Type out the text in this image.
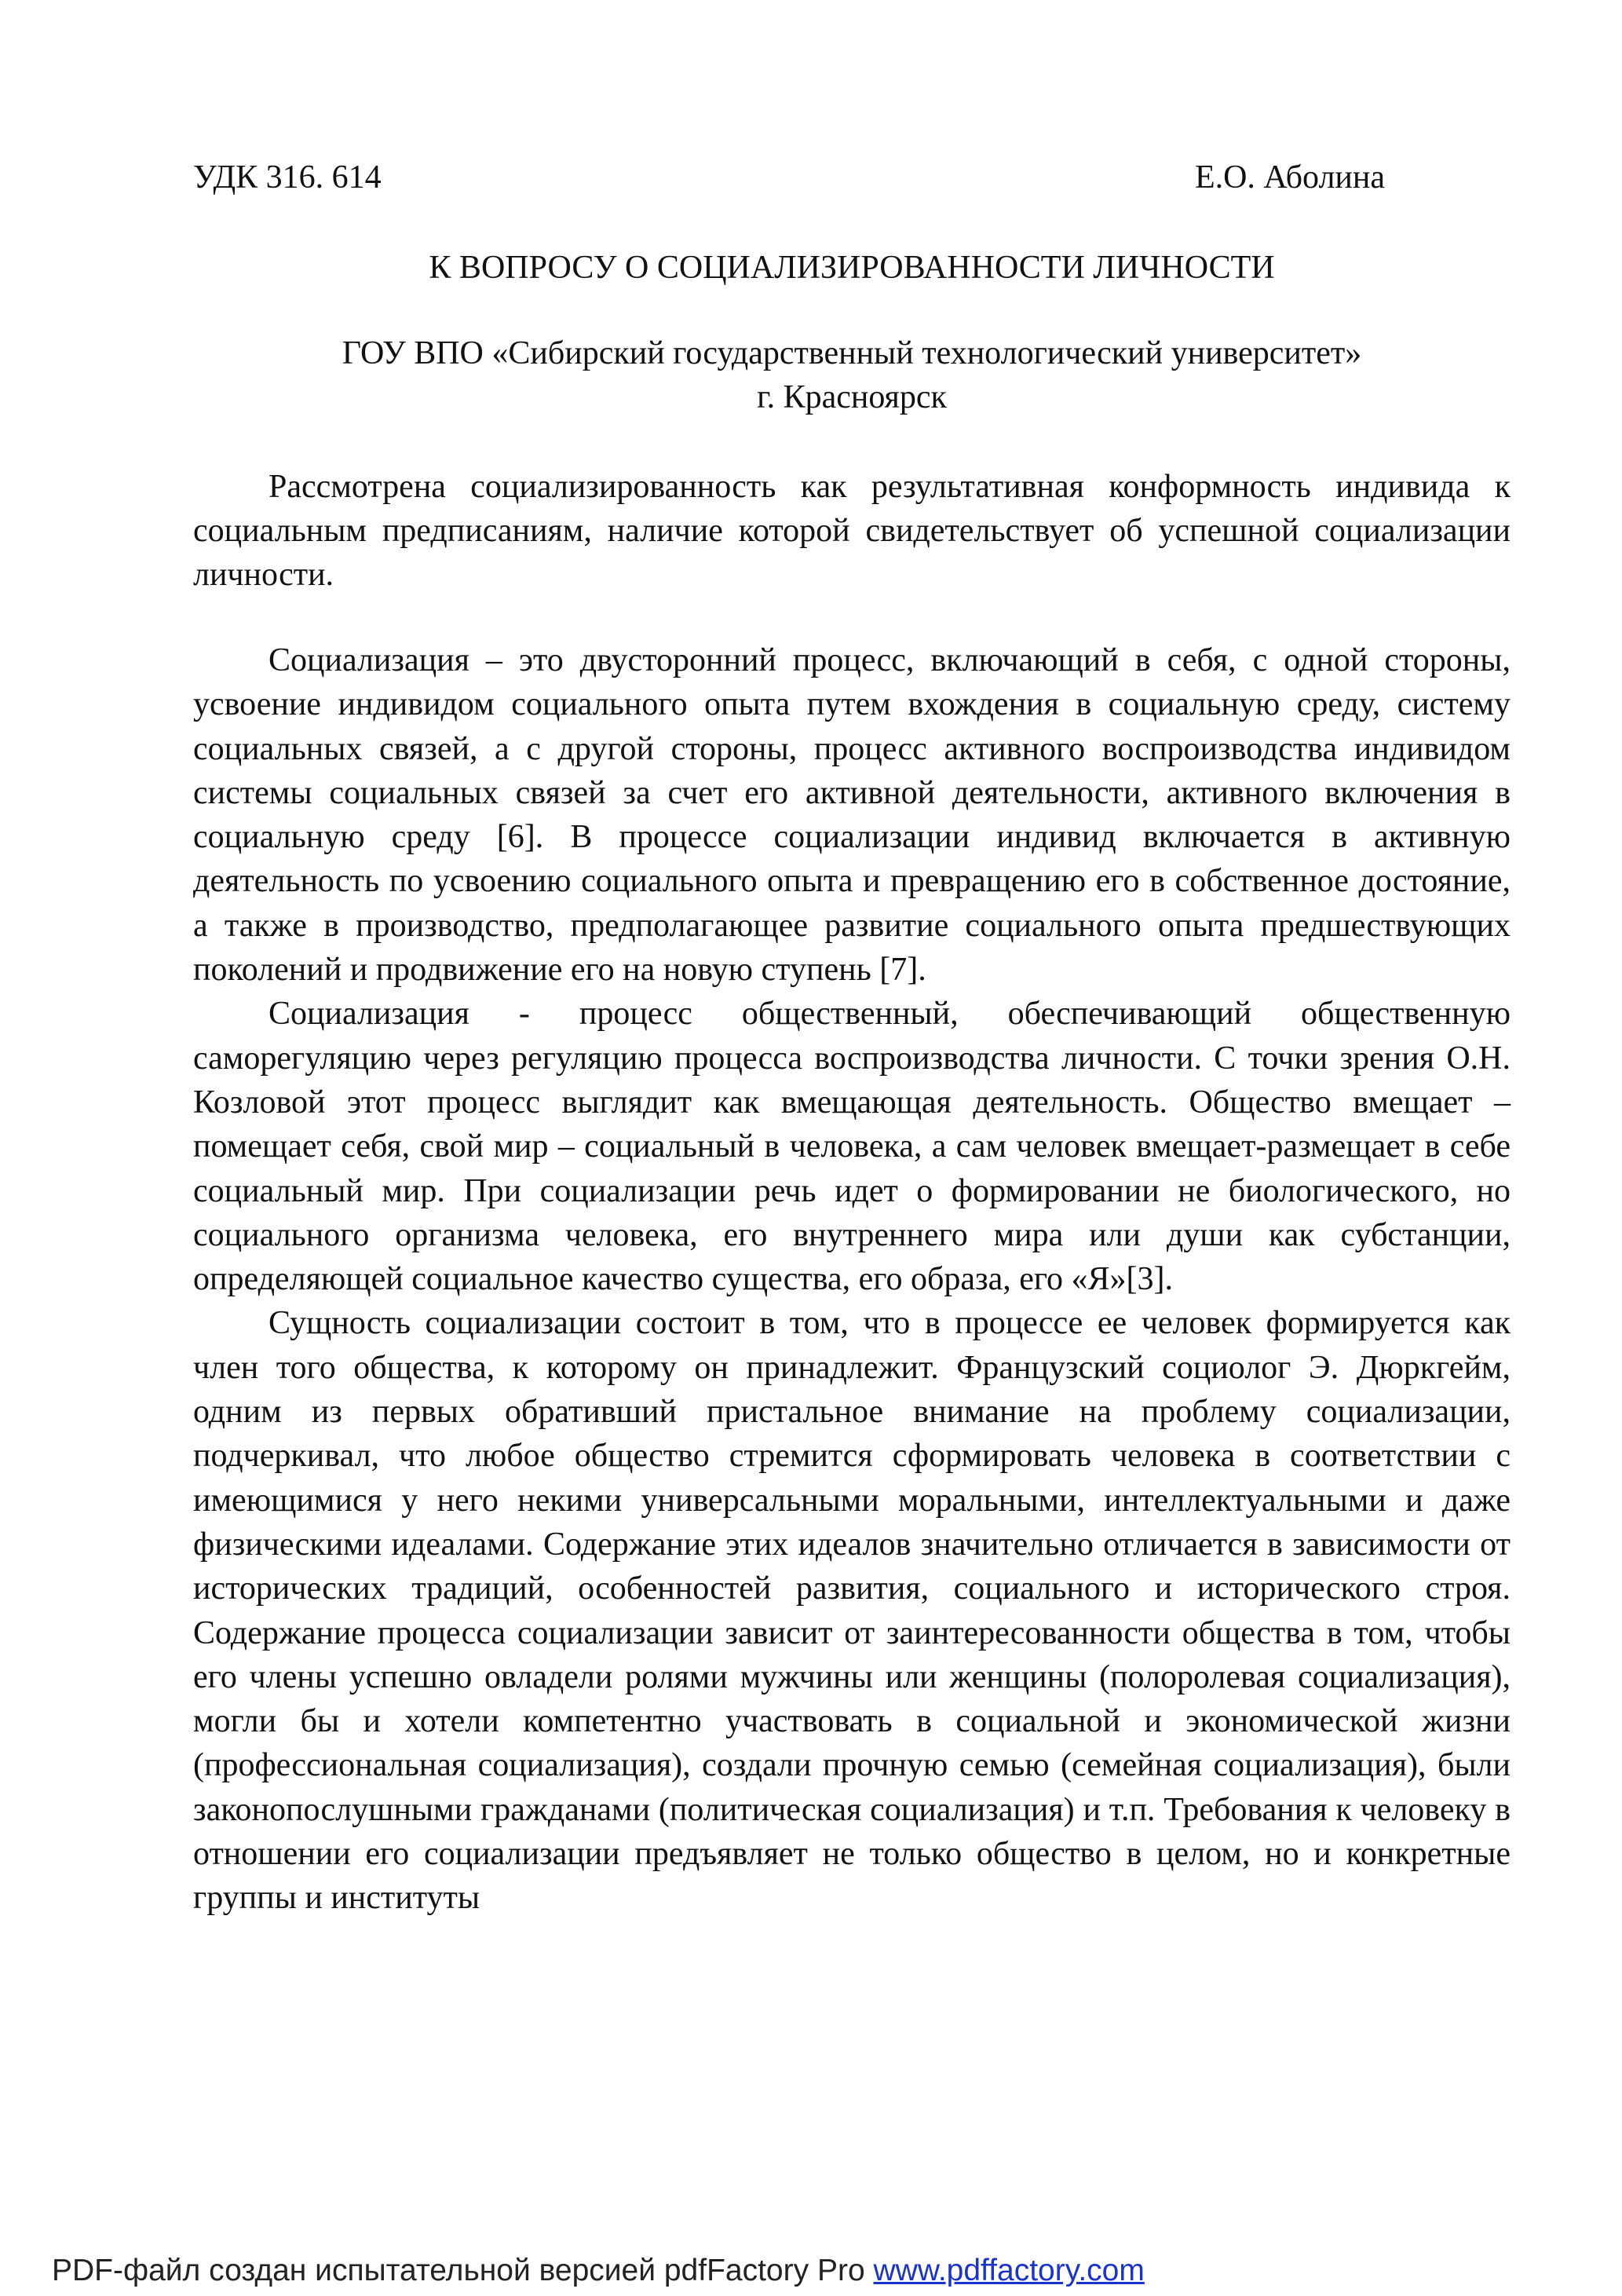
УДК 316. 614	Е.О. Аболина
К ВОПРОСУ О СОЦИАЛИЗИРОВАННОСТИ ЛИЧНОСТИ
ГОУ ВПО «Сибирский государственный технологический университет»
г. Красноярск

Рассмотрена социализированность как результативная конформность индивида к социальным предписаниям, наличие которой свидетельствует об успешной социализации личности.

Социализация – это двусторонний процесс, включающий в себя, с одной стороны, усвоение индивидом социального опыта путем вхождения в социальную среду, систему социальных связей, а с другой стороны, процесс активного воспроизводства индивидом системы социальных связей за счет его активной деятельности, активного включения в социальную среду [6]. В процессе социализации индивид включается в активную деятельность по усвоению социального опыта и превращению его в собственное достояние, а также в производство, предполагающее развитие социального опыта предшествующих поколений и продвижение его на новую ступень [7].

Социализация - процесс общественный, обеспечивающий общественную саморегуляцию через регуляцию процесса воспроизводства личности. С точки зрения О.Н. Козловой этот процесс выглядит как вмещающая деятельность. Общество вмещает – помещает себя, свой мир – социальный в человека, а сам человек вмещает-размещает в себе социальный мир. При социализации речь идет о формировании не биологического, но социального организма человека, его внутреннего мира или души как субстанции, определяющей социальное качество существа, его образа, его «Я»[3].

Сущность социализации состоит в том, что в процессе ее человек формируется как член того общества, к которому он принадлежит. Французский социолог Э. Дюркгейм, одним из первых обративший пристальное внимание на проблему социализации, подчеркивал, что любое общество стремится сформировать человека в соответствии с имеющимися у него некими универсальными моральными, интеллектуальными и даже физическими идеалами. Содержание этих идеалов значительно отличается в зависимости от исторических традиций, особенностей развития, социального и исторического строя. Содержание процесса социализации зависит от заинтересованности общества в том, чтобы его члены успешно овладели ролями мужчины или женщины (полоролевая социализация), могли бы и хотели компетентно участвовать в социальной и экономической жизни (профессиональная социализация), создали прочную семью (семейная социализация), были законопослушными гражданами (политическая социализация) и т.п. Требования к человеку в отношении его социализации предъявляет не только общество в целом, но и конкретные группы и институты

PDF-файл создан испытательной версией pdfFactory Pro www.pdffactory.com
